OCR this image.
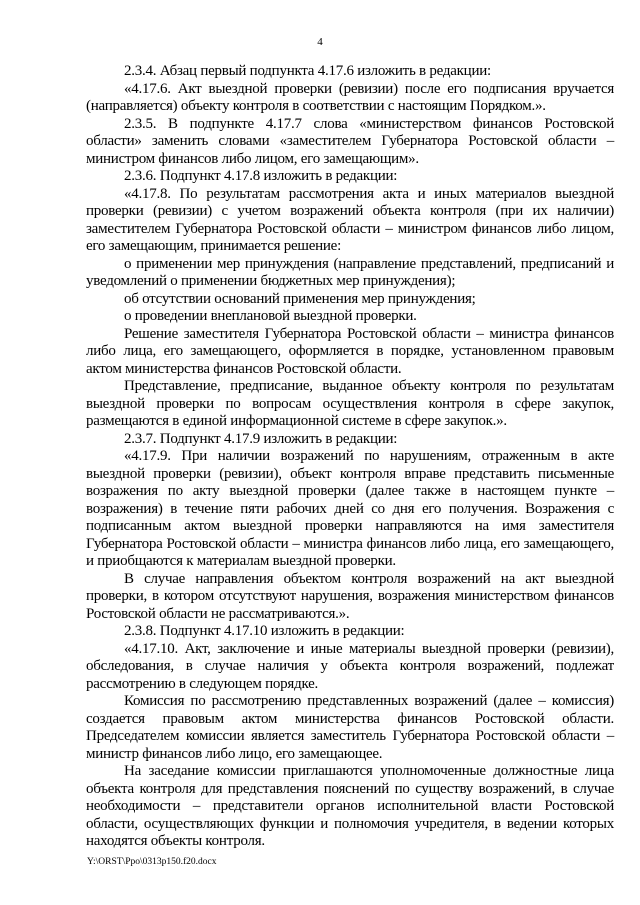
4

2.3.4. Абзац первый подпункта 4.17.6 изложить в редакции:

«4.17.6. Акт выездной проверки (ревизии) после его подписания вручается (направляется) объекту контроля в соответствии с настоящим Порядком.».

2.3.5. В подпункте 4.17.7 слова «министерством финансов Ростовской области» заменить словами «заместителем Губернатора Ростовской области – министром финансов либо лицом, его замещающим».

2.3.6. Подпункт 4.17.8 изложить в редакции:

«4.17.8. По результатам рассмотрения акта и иных материалов выездной проверки (ревизии) с учетом возражений объекта контроля (при их наличии) заместителем Губернатора Ростовской области – министром финансов либо лицом, его замещающим, принимается решение:

о применении мер принуждения (направление представлений, предписаний и уведомлений о применении бюджетных мер принуждения);

об отсутствии оснований применения мер принуждения;

о проведении внеплановой выездной проверки.

Решение заместителя Губернатора Ростовской области – министра финансов либо лица, его замещающего, оформляется в порядке, установленном правовым актом министерства финансов Ростовской области.

Представление, предписание, выданное объекту контроля по результатам выездной проверки по вопросам осуществления контроля в сфере закупок, размещаются в единой информационной системе в сфере закупок.».

2.3.7. Подпункт 4.17.9 изложить в редакции:

«4.17.9. При наличии возражений по нарушениям, отраженным в акте выездной проверки (ревизии), объект контроля вправе представить письменные возражения по акту выездной проверки (далее также в настоящем пункте – возражения) в течение пяти рабочих дней со дня его получения. Возражения с подписанным актом выездной проверки направляются на имя заместителя Губернатора Ростовской области – министра финансов либо лица, его замещающего, и приобщаются к материалам выездной проверки.

В случае направления объектом контроля возражений на акт выездной проверки, в котором отсутствуют нарушения, возражения министерством финансов Ростовской области не рассматриваются.».

2.3.8. Подпункт 4.17.10 изложить в редакции:

«4.17.10. Акт, заключение и иные материалы выездной проверки (ревизии), обследования, в случае наличия у объекта контроля возражений, подлежат рассмотрению в следующем порядке.

Комиссия по рассмотрению представленных возражений (далее – комиссия) создается правовым актом министерства финансов Ростовской области. Председателем комиссии является заместитель Губернатора Ростовской области – министр финансов либо лицо, его замещающее.

На заседание комиссии приглашаются уполномоченные должностные лица объекта контроля для представления пояснений по существу возражений, в случае необходимости – представители органов исполнительной власти Ростовской области, осуществляющих функции и полномочия учредителя, в ведении которых находятся объекты контроля.

Y:\ORST\Ppo\0313p150.f20.docx
